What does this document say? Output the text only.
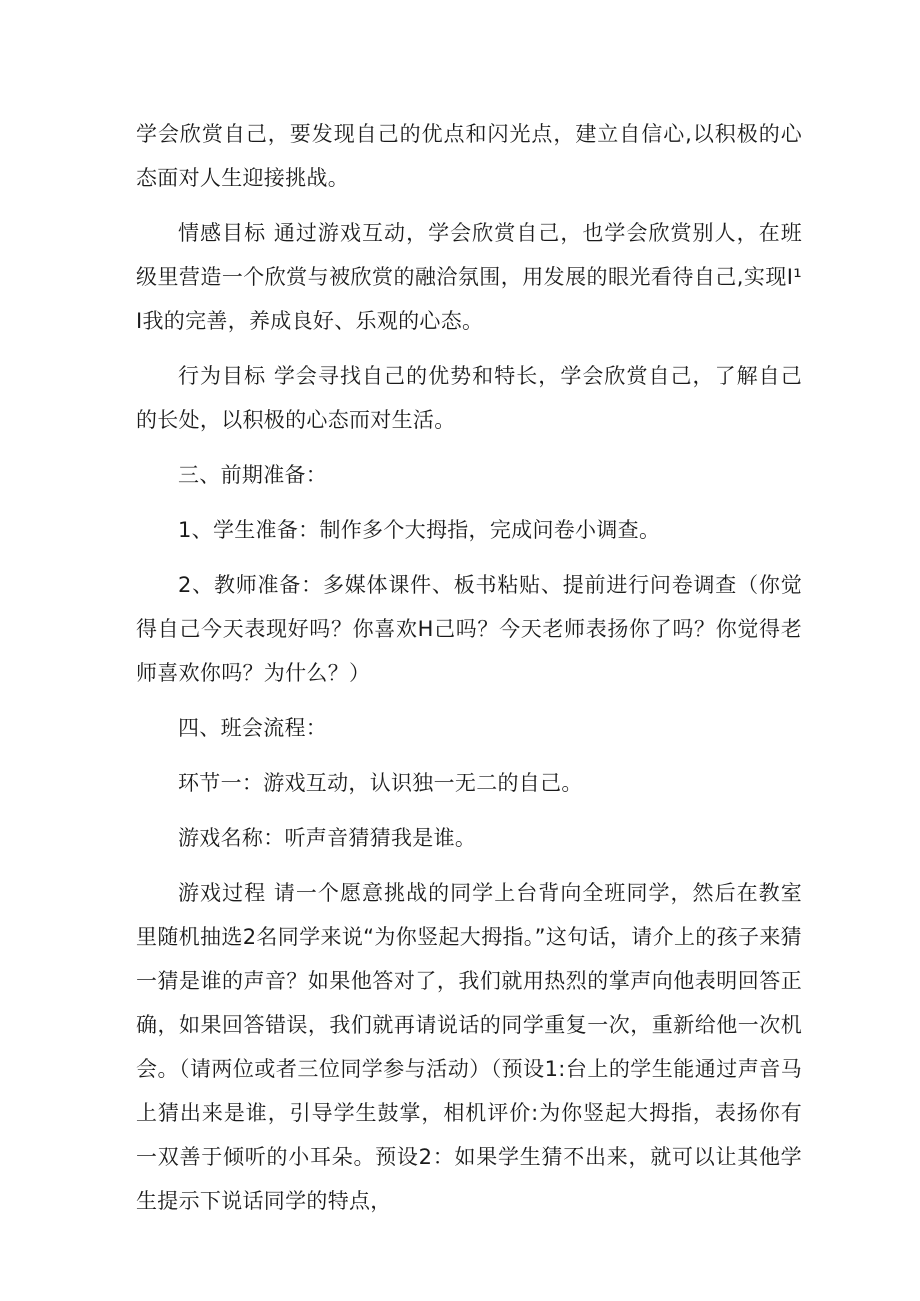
学会欣赏自己，要发现自己的优点和闪光点，建立自信心,以积极的心态面对人生迎接挑战。

情感目标 通过游戏互动，学会欣赏自己，也学会欣赏别人，在班级里营造一个欣赏与被欣赏的融洽氛围，用发展的眼光看待自己,实现I¹I我的完善，养成良好、乐观的心态。

行为目标 学会寻找自己的优势和特长，学会欣赏自己，了解自己的长处，以积极的心态而对生活。

三、前期准备：

1、学生准备：制作多个大拇指，完成问卷小调查。

2、教师准备：多媒体课件、板书粘贴、提前进行问卷调查（你觉得自己今天表现好吗？你喜欢H己吗？今天老师表扬你了吗？你觉得老师喜欢你吗？为什么？）

四、班会流程：

环节一：游戏互动，认识独一无二的自己。

游戏名称：听声音猜猜我是谁。

游戏过程 请一个愿意挑战的同学上台背向全班同学，然后在教室里随机抽选2名同学来说“为你竖起大拇指。”这句话，请介上的孩子来猜一猜是谁的声音？如果他答对了，我们就用热烈的掌声向他表明回答正确，如果回答错误，我们就再请说话的同学重复一次，重新给他一次机会。（请两位或者三位同学参与活动）（预设1:台上的学生能通过声音马上猜出来是谁，引导学生鼓掌，相机评价:为你竖起大拇指，表扬你有一双善于倾听的小耳朵。预设2：如果学生猜不出来，就可以让其他学生提示下说话同学的特点，
